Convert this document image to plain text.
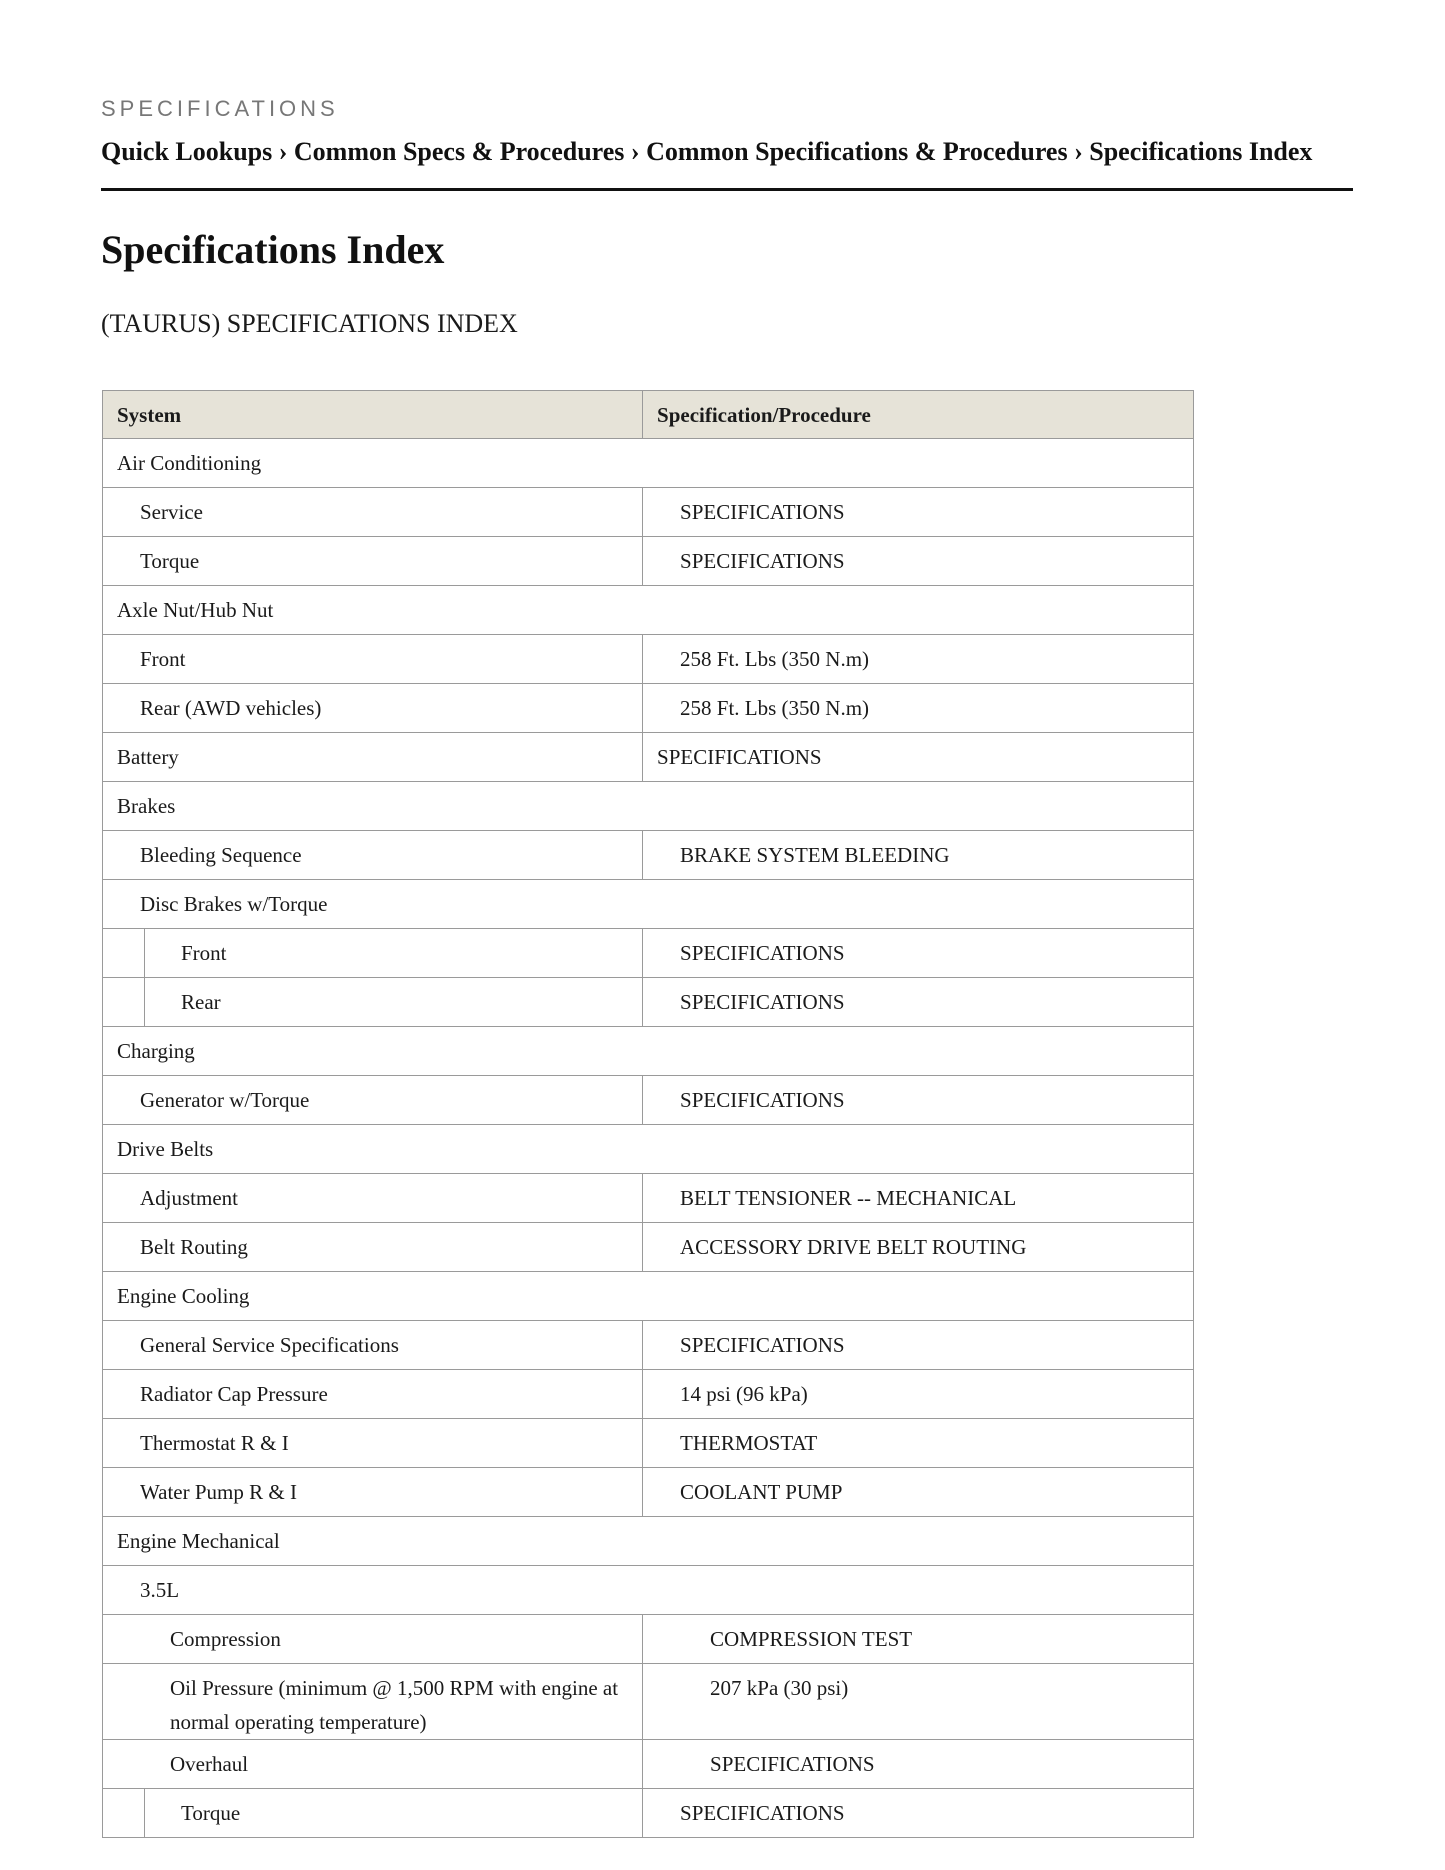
SPECIFICATIONS
Quick Lookups › Common Specs & Procedures › Common Specifications & Procedures › Specifications Index
Specifications Index
(TAURUS) SPECIFICATIONS INDEX
System		Specification/Procedure
Air Conditioning		
Service		SPECIFICATIONS
Torque		SPECIFICATIONS
Axle Nut/Hub Nut		
Front		258 Ft. Lbs (350 N.m)
Rear (AWD vehicles)		258 Ft. Lbs (350 N.m)
Battery		SPECIFICATIONS
Brakes		
Bleeding Sequence		BRAKE SYSTEM BLEEDING
Disc Brakes w/Torque		
	Front	SPECIFICATIONS
	Rear	SPECIFICATIONS
Charging		
Generator w/Torque		SPECIFICATIONS
Drive Belts		
Adjustment		BELT TENSIONER -- MECHANICAL
Belt Routing		ACCESSORY DRIVE BELT ROUTING
Engine Cooling		
General Service Specifications		SPECIFICATIONS
Radiator Cap Pressure		14 psi (96 kPa)
Thermostat R & I		THERMOSTAT
Water Pump R & I		COOLANT PUMP
Engine Mechanical		
3.5L		
Compression		COMPRESSION TEST
Oil Pressure (minimum @ 1,500 RPM with engine at normal operating temperature)		207 kPa (30 psi)
Overhaul		SPECIFICATIONS
	Torque	SPECIFICATIONS
